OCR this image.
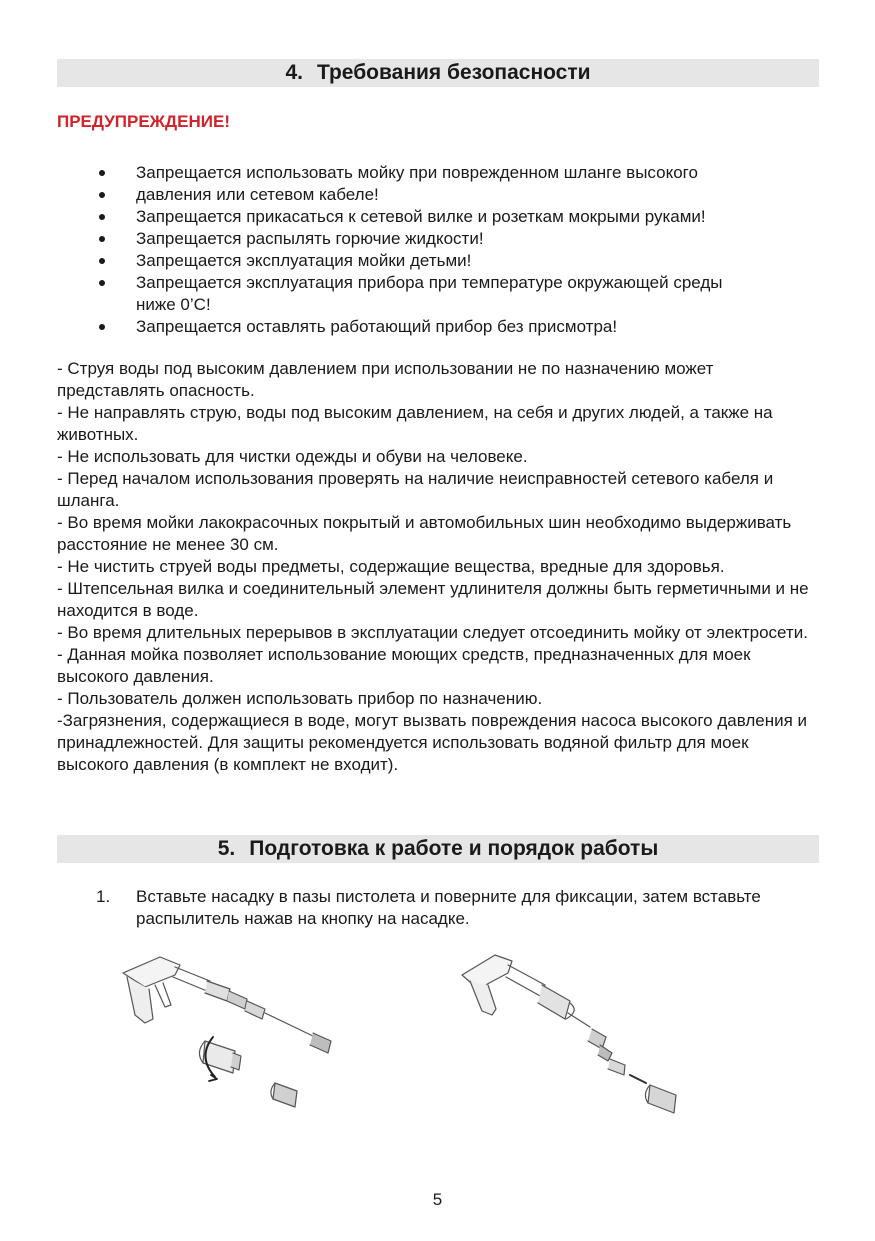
4. Требования безопасности
ПРЕДУПРЕЖДЕНИЕ!
Запрещается использовать мойку при поврежденном шланге высокого
давления или сетевом кабеле!
Запрещается прикасаться к сетевой вилке и розеткам мокрыми руками!
Запрещается распылять горючие жидкости!
Запрещается эксплуатация мойки детьми!
Запрещается эксплуатация прибора при температуре окружающей среды
ниже 0’С!
Запрещается оставлять работающий прибор без присмотра!

- Струя воды под высоким давлением при использовании не по назначению может представлять опасность.

- Не направлять струю, воды под высоким давлением, на себя и других людей, а также на животных.

- Не использовать для чистки одежды и обуви на человеке.

- Перед началом использования проверять на наличие неисправностей сетевого кабеля и шланга.

- Во время мойки лакокрасочных покрытый и автомобильных шин необходимо выдерживать расстояние не менее 30 см.

- Не чистить струей воды предметы, содержащие вещества, вредные для здоровья.

- Штепсельная вилка и соединительный элемент удлинителя должны быть герметичными и не находится в воде.

- Во время длительных перерывов в эксплуатации следует отсоединить мойку от электросети.

- Данная мойка позволяет использование моющих средств, предназначенных для моек высокого давления.

- Пользователь должен использовать прибор по назначению.

-Загрязнения, содержащиеся в воде, могут вызвать повреждения насоса высокого давления и принадлежностей. Для защиты рекомендуется использовать водяной фильтр для моек высокого давления (в комплект не входит).

5. Подготовка к работе и порядок работы
1. Вставьте насадку в пазы пистолета и поверните для фиксации, затем вставьте распылитель нажав на кнопку на насадке.
5
